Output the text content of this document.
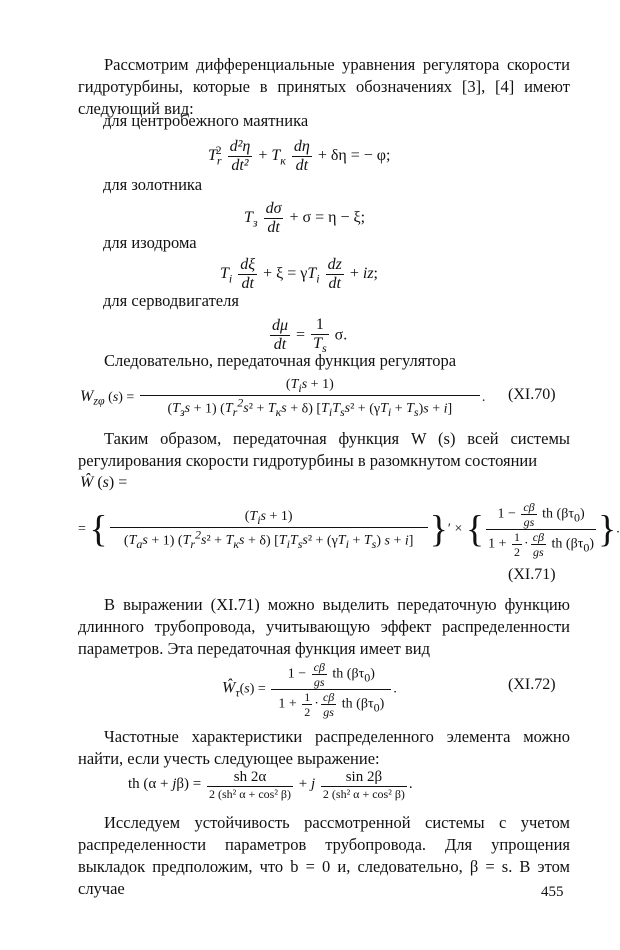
Рассмотрим дифференциальные уравнения регулятора скорости гидротурбины, которые в принятых обозначениях [3], [4] имеют следующий вид:
для центробежного маятника
$T_r^2 \frac{\text{d²η}}{\text{dt²}} + T_к \frac{d\eta}{dt} + \delta\eta$ = − φ;
для золотника
$T_з \frac{d\sigma}{dt} + \sigma = \eta - \xi$;
для изодрома
$T_i \frac{d\xi}{dt} + \xi = \gamma T_i \frac{dz}{dt}$ + iz;
для серводвигателя
$\frac{d\mu}{dt} = \frac{1}{T_s} \sigma$.
Следовательно, передаточная функция регулятора
$W_{z\varphi}$ $(s) = \frac{(T_is + 1)}{(T_зs + 1) (T_r^2s^2 + T_кs + \delta) [T_iT_ss^2 + (\gamma T_i + T_s)s + i]}$ . (XI.70)
Таким образом, передаточная функция W (s) всей системы регулирования скорости гидротурбины в разомкнутом состоянии
Ŵ (s) =
= { $\frac{(T_is + 1)}{(T_as + 1) (T_r^2s^2 + T_кs + \delta) [T_iT_ss^2 + (\gamma T_i + T_s) s + i]}$ }′ × { $\frac{1 - \frac{c\beta}{gs} th (\beta\tau_0)}{1 + \frac{1}{2} \cdot \frac{c\beta}{gs} th (\beta\tau_0)}$ }.
(XI.71)
В выражении (XI.71) можно выделить передаточную функцию длинного трубопровода, учитывающую эффект распределенности параметров. Эта передаточная функция имеет вид
$Ŵ_\tau(s) = \frac{1 - \frac{c\beta}{gs} th (\beta\tau_0)}{1 + \frac{1}{2} \cdot \frac{c\beta}{gs} th (\beta\tau_0)}$ .	(XI.72)
Частотные характеристики распределенного элемента можно найти, если учесть следующее выражение:
th $(\alpha + j\beta) = \frac{sh 2\alpha}{\text{2 (sh² α + cos² β)}} + j \frac{\sin 2\beta}{\text{2 (sh² α + cos² β)}}$ .
Исследуем устойчивость рассмотренной системы с учетом распределенности параметров трубопровода. Для упрощения выкладок предположим, что b = 0 и, следовательно, β = s. В этом случае	455
